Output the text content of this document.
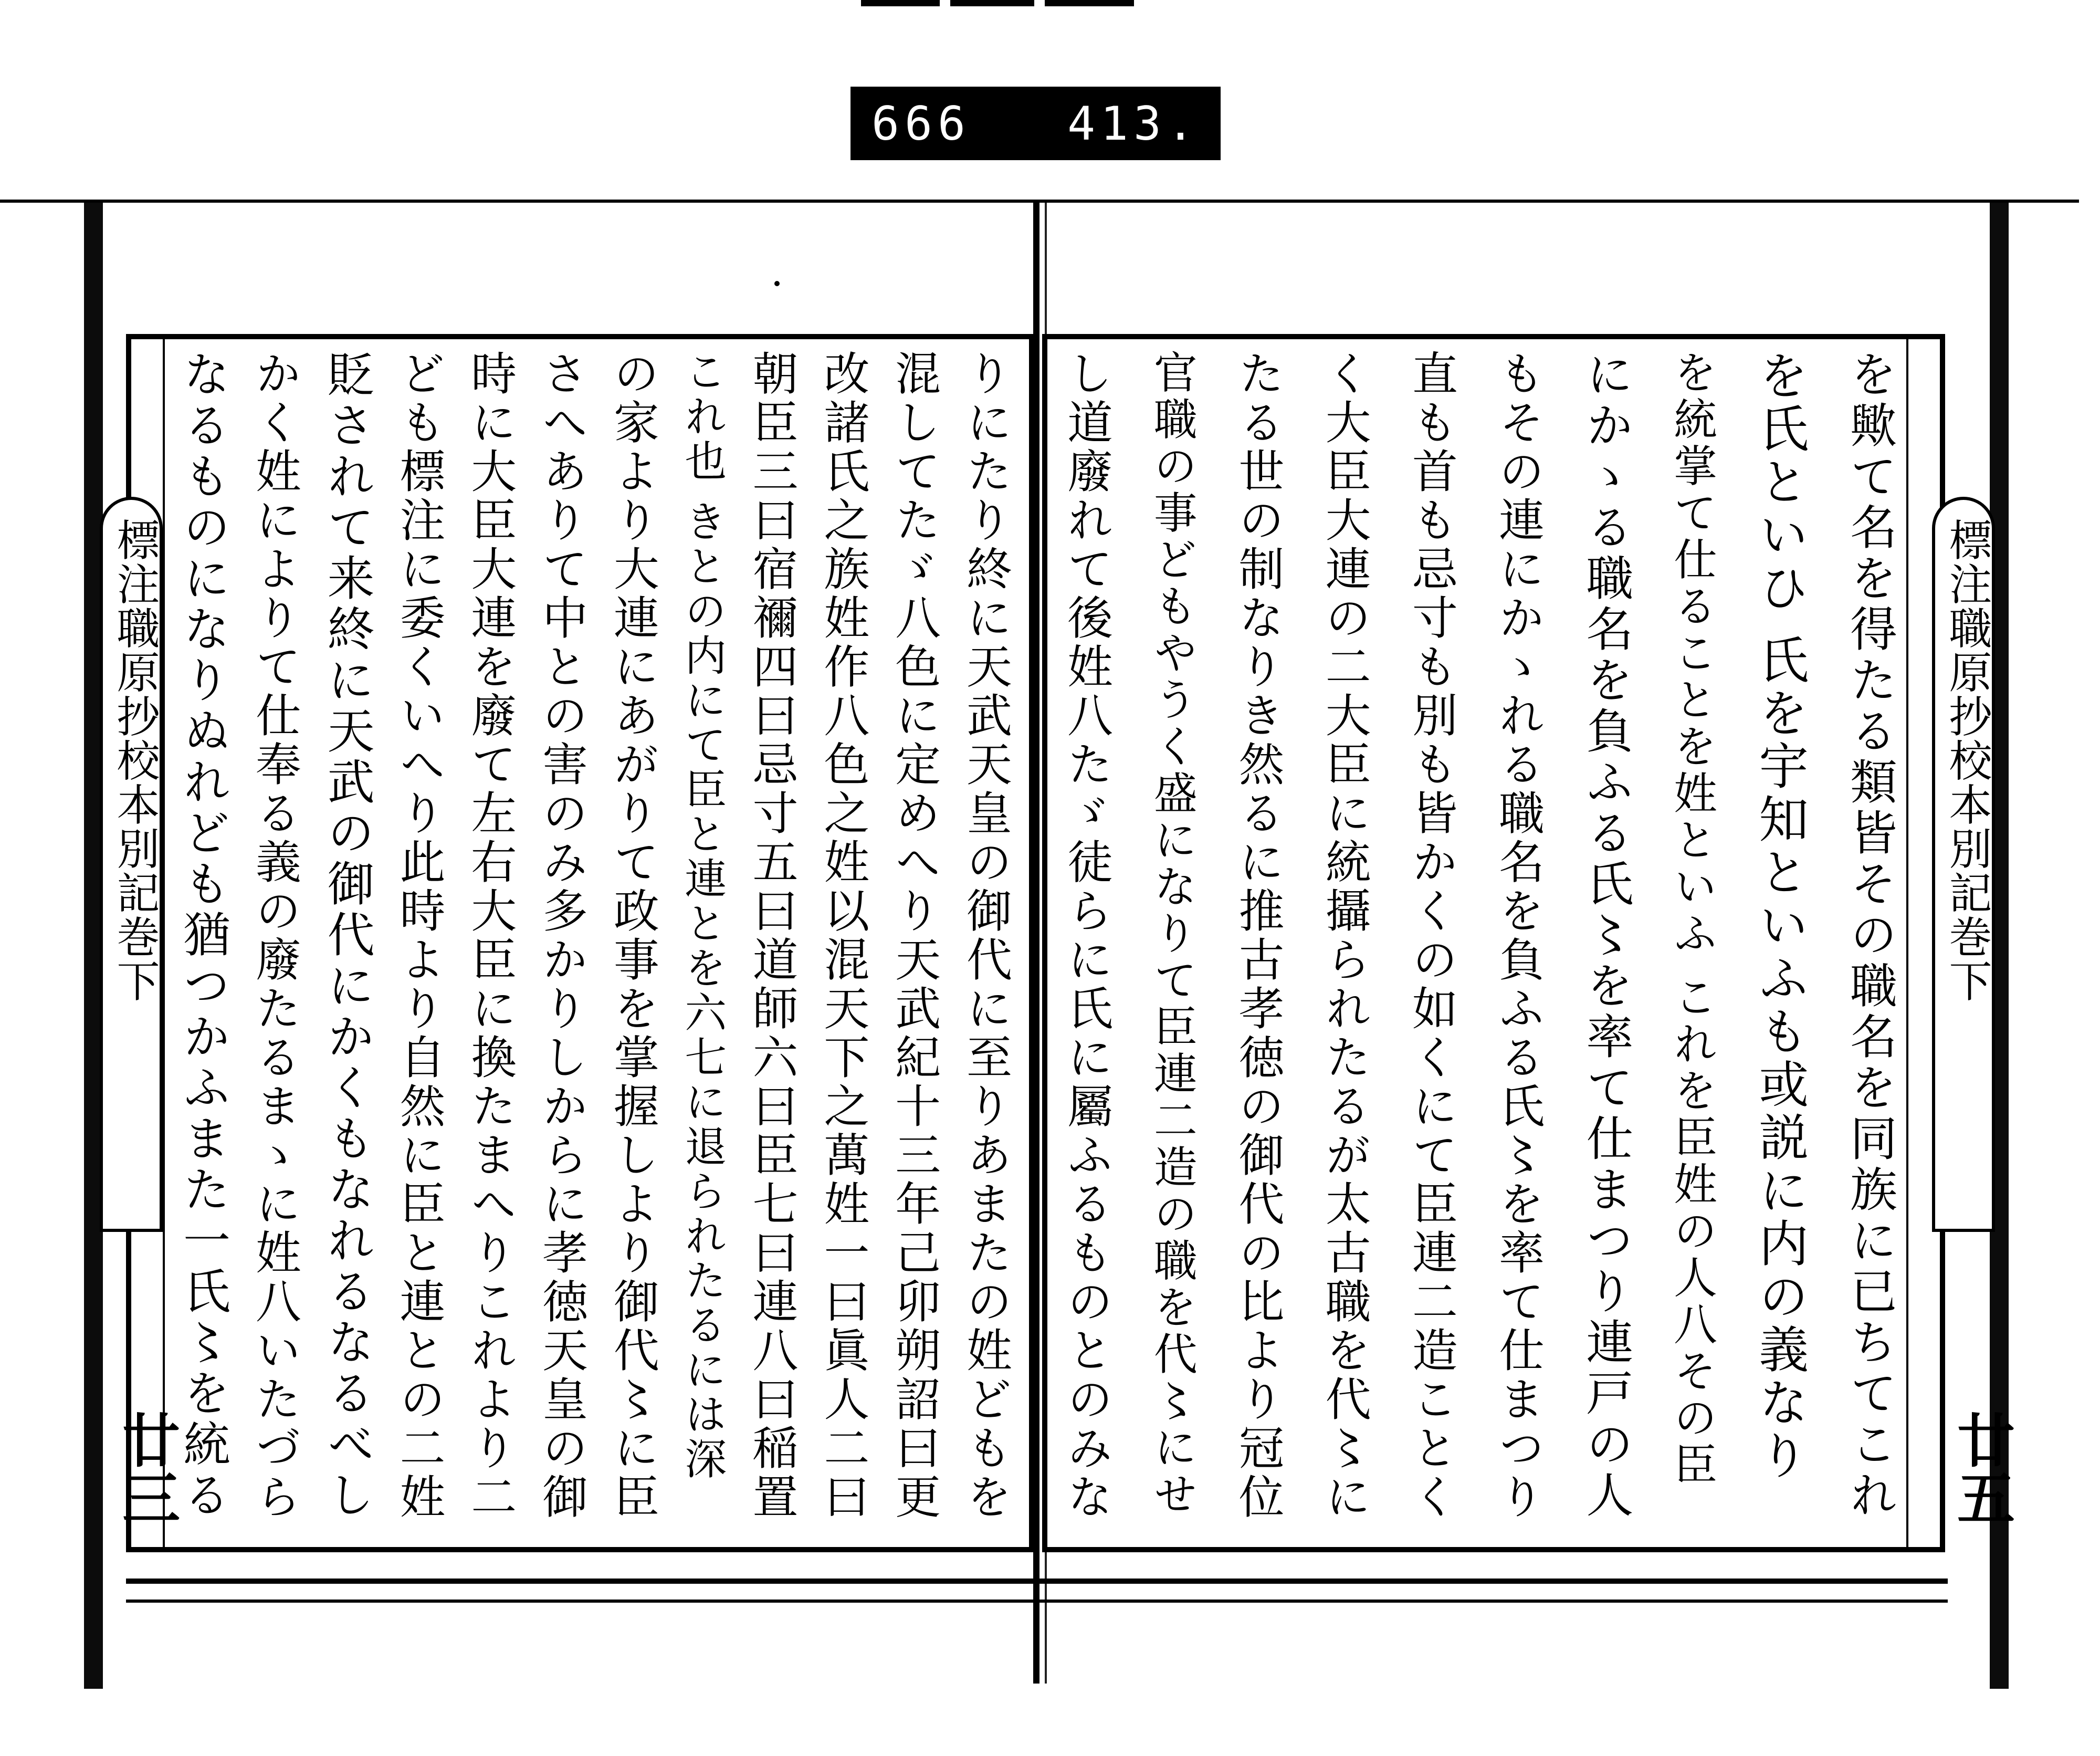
666 413.
りにたり終に天武天皇の御代に至りあまたの姓どもを
混してたゞ八色に定めへり天武紀十三年己卯朔詔曰更
改諸氏之族姓作八色之姓以混天下之萬姓一曰眞人二曰
朝臣三曰宿禰四曰忌寸五曰道師六曰臣七曰連八曰稲置
これ也 きとの内にて臣と連とを六七に退られたるには深
の家より大連にあがりて政事を掌握しより御代〻に臣
さへありて中との害のみ多かりしからに孝徳天皇の御
時に大臣大連を廢て左右大臣に換たまへりこれより二
ども標注に委くいへり此時より自然に臣と連との二姓
貶されて来終に天武の御代にかくもなれるなるべし
かく姓によりて仕奉る義の廢たるまゝに姓八いたづら
なるものになりぬれども猶つかふまた一氏〻を統る	を歟て名を得たる類皆その職名を同族に已ちてこれ
を氏といひ 氏を宇知といふも或説に内の義なり
を統掌て仕ることを姓といふ これを臣姓の人八その臣
にかゝる職名を負ふる氏〻を率て仕まつり連戸の人
もその連にかゝれる職名を負ふる氏〻を率て仕まつり
直も首も忌寸も別も皆かくの如くにて臣連二造ことく
く大臣大連の二大臣に統攝られたるが太古職を代〻に
たる世の制なりき然るに推古孝徳の御代の比より冠位
官職の事どもやうく盛になりて臣連二造の職を代〻にせ
し道廢れて後姓八たゞ徒らに氏に屬ふるものとのみな
標注職原抄校本別記巻下
廿三
標注職原抄校本別記巻下
廿五
